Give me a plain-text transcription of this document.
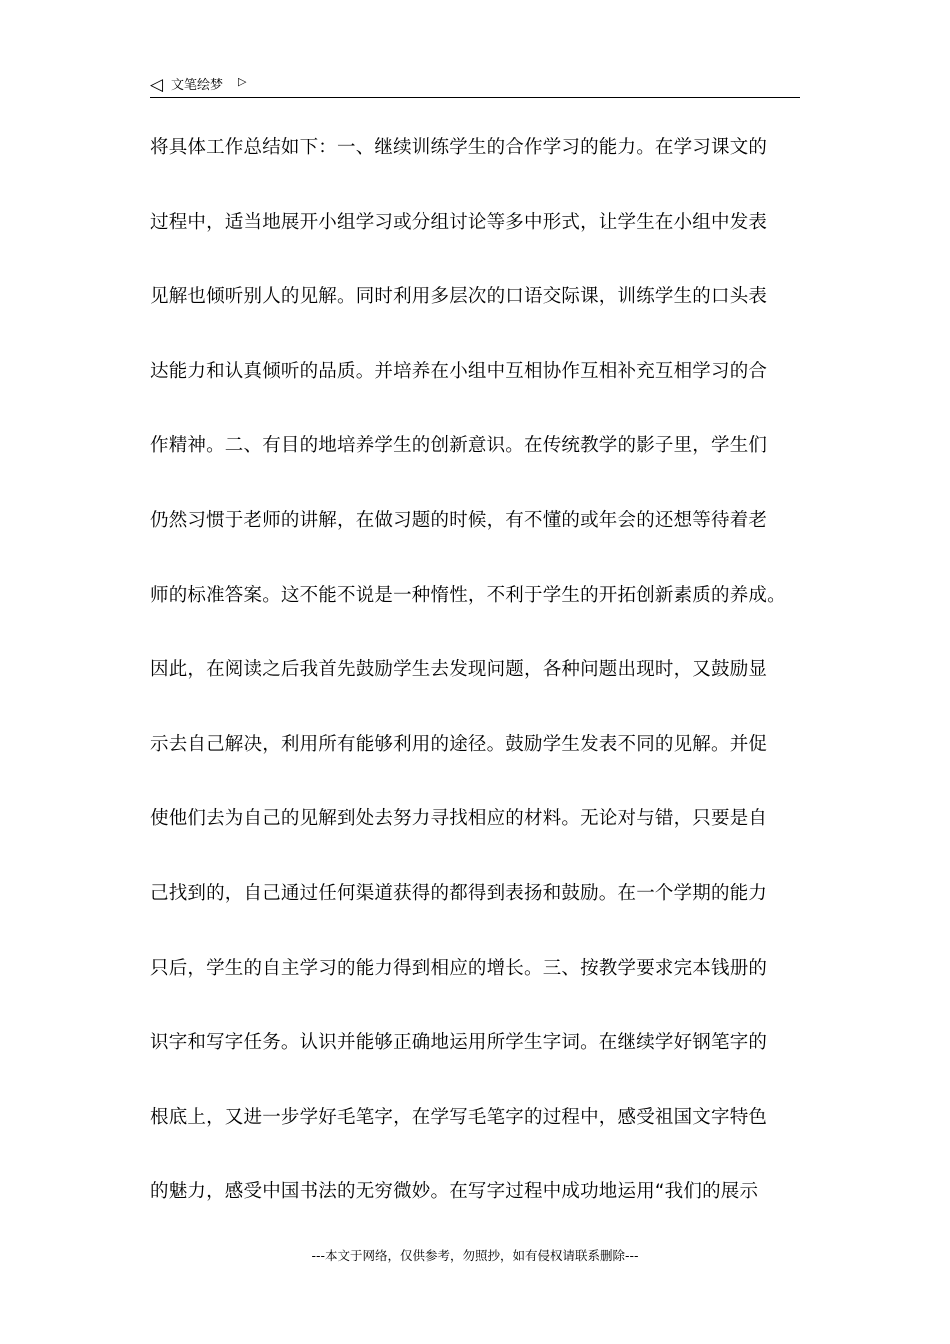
◁ 文笔绘梦 ▷
将具体工作总结如下：一、继续训练学生的合作学习的能力。在学习课文的
过程中，适当地展开小组学习或分组讨论等多中形式，让学生在小组中发表
见解也倾听别人的见解。同时利用多层次的口语交际课，训练学生的口头表
达能力和认真倾听的品质。并培养在小组中互相协作互相补充互相学习的合
作精神。二、有目的地培养学生的创新意识。在传统教学的影子里，学生们
仍然习惯于老师的讲解，在做习题的时候，有不懂的或年会的还想等待着老
师的标准答案。这不能不说是一种惰性，不利于学生的开拓创新素质的养成。
因此，在阅读之后我首先鼓励学生去发现问题，各种问题出现时，又鼓励显
示去自己解决，利用所有能够利用的途径。鼓励学生发表不同的见解。并促
使他们去为自己的见解到处去努力寻找相应的材料。无论对与错，只要是自
己找到的，自己通过任何渠道获得的都得到表扬和鼓励。在一个学期的能力
只后，学生的自主学习的能力得到相应的增长。三、按教学要求完本钱册的
识字和写字任务。认识并能够正确地运用所学生字词。在继续学好钢笔字的
根底上，又进一步学好毛笔字，在学写毛笔字的过程中，感受祖国文字特色
的魅力，感受中国书法的无穷微妙。在写字过程中成功地运用“我们的展示
---本文于网络，仅供参考，勿照抄，如有侵权请联系删除---
